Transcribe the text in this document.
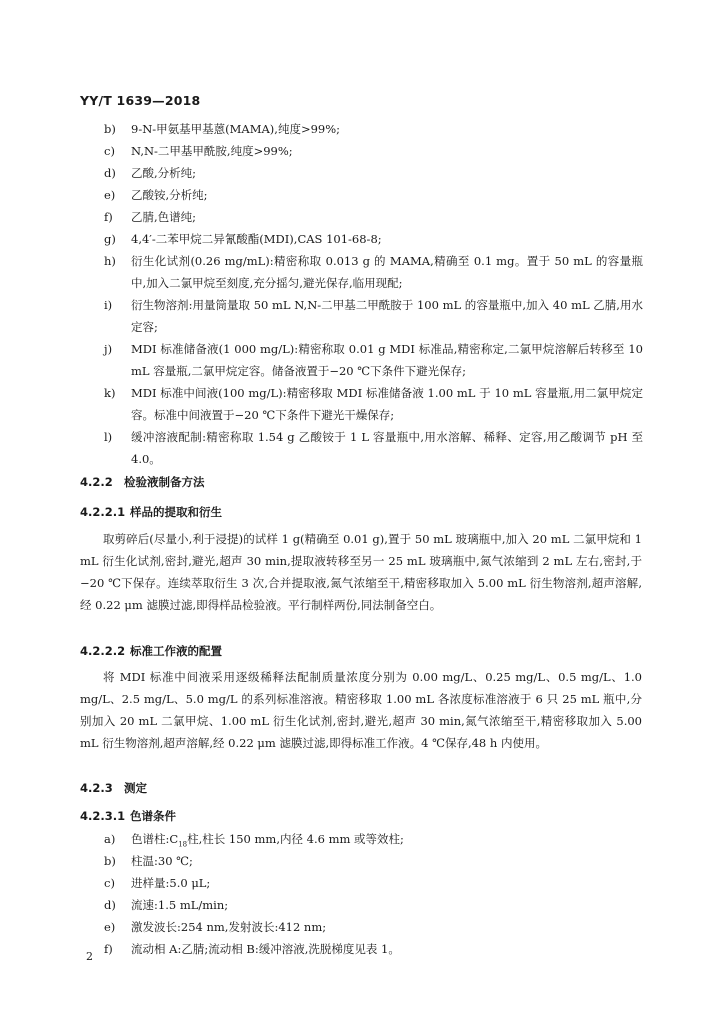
YY/T 1639—2018
b) 9-N-甲氨基甲基蒽(MAMA),纯度>99%;
c) N,N-二甲基甲酰胺,纯度>99%;
d) 乙酸,分析纯;
e) 乙酸铵,分析纯;
f) 乙腈,色谱纯;
g) 4,4′-二苯甲烷二异氰酸酯(MDI),CAS 101-68-8;
h) 衍生化试剂(0.26 mg/mL):精密称取 0.013 g 的 MAMA,精确至 0.1 mg。置于 50 mL 的容量瓶中,加入二氯甲烷至刻度,充分摇匀,避光保存,临用现配;
i) 衍生物溶剂:用量筒量取 50 mL N,N-二甲基二甲酰胺于 100 mL 的容量瓶中,加入 40 mL 乙腈,用水定容;
j) MDI 标准储备液(1 000 mg/L):精密称取 0.01 g MDI 标准品,精密称定,二氯甲烷溶解后转移至 10 mL 容量瓶,二氯甲烷定容。储备液置于−20 ℃下条件下避光保存;
k) MDI 标准中间液(100 mg/L):精密移取 MDI 标准储备液 1.00 mL 于 10 mL 容量瓶,用二氯甲烷定容。标准中间液置于−20 ℃下条件下避光干燥保存;
l) 缓冲溶液配制:精密称取 1.54 g 乙酸铵于 1 L 容量瓶中,用水溶解、稀释、定容,用乙酸调节 pH 至 4.0。
4.2.2 检验液制备方法
4.2.2.1 样品的提取和衍生
取剪碎后(尽量小,利于浸提)的试样 1 g(精确至 0.01 g),置于 50 mL 玻璃瓶中,加入 20 mL 二氯甲烷和 1 mL 衍生化试剂,密封,避光,超声 30 min,提取液转移至另一 25 mL 玻璃瓶中,氮气浓缩到 2 mL 左右,密封,于−20 ℃下保存。连续萃取衍生 3 次,合并提取液,氮气浓缩至干,精密移取加入 5.00 mL 衍生物溶剂,超声溶解,经 0.22 μm 滤膜过滤,即得样品检验液。平行制样两份,同法制备空白。
4.2.2.2 标准工作液的配置
将 MDI 标准中间液采用逐级稀释法配制质量浓度分别为 0.00 mg/L、0.25 mg/L、0.5 mg/L、1.0 mg/L、2.5 mg/L、5.0 mg/L 的系列标准溶液。精密移取 1.00 mL 各浓度标准溶液于 6 只 25 mL 瓶中,分别加入 20 mL 二氯甲烷、1.00 mL 衍生化试剂,密封,避光,超声 30 min,氮气浓缩至干,精密移取加入 5.00 mL 衍生物溶剂,超声溶解,经 0.22 μm 滤膜过滤,即得标准工作液。4 ℃保存,48 h 内使用。
4.2.3 测定
4.2.3.1 色谱条件
a) 色谱柱$:C_{18}$柱,柱长 150 mm,内径 4.6 mm 或等效柱;
b) 柱温:30 ℃;
c) 进样量:5.0 μL;
d) 流速:1.5 mL/min;
e) 激发波长:254 nm,发射波长:412 nm;
f) 流动相 A:乙腈;流动相 B:缓冲溶液,洗脱梯度见表 1。
2
